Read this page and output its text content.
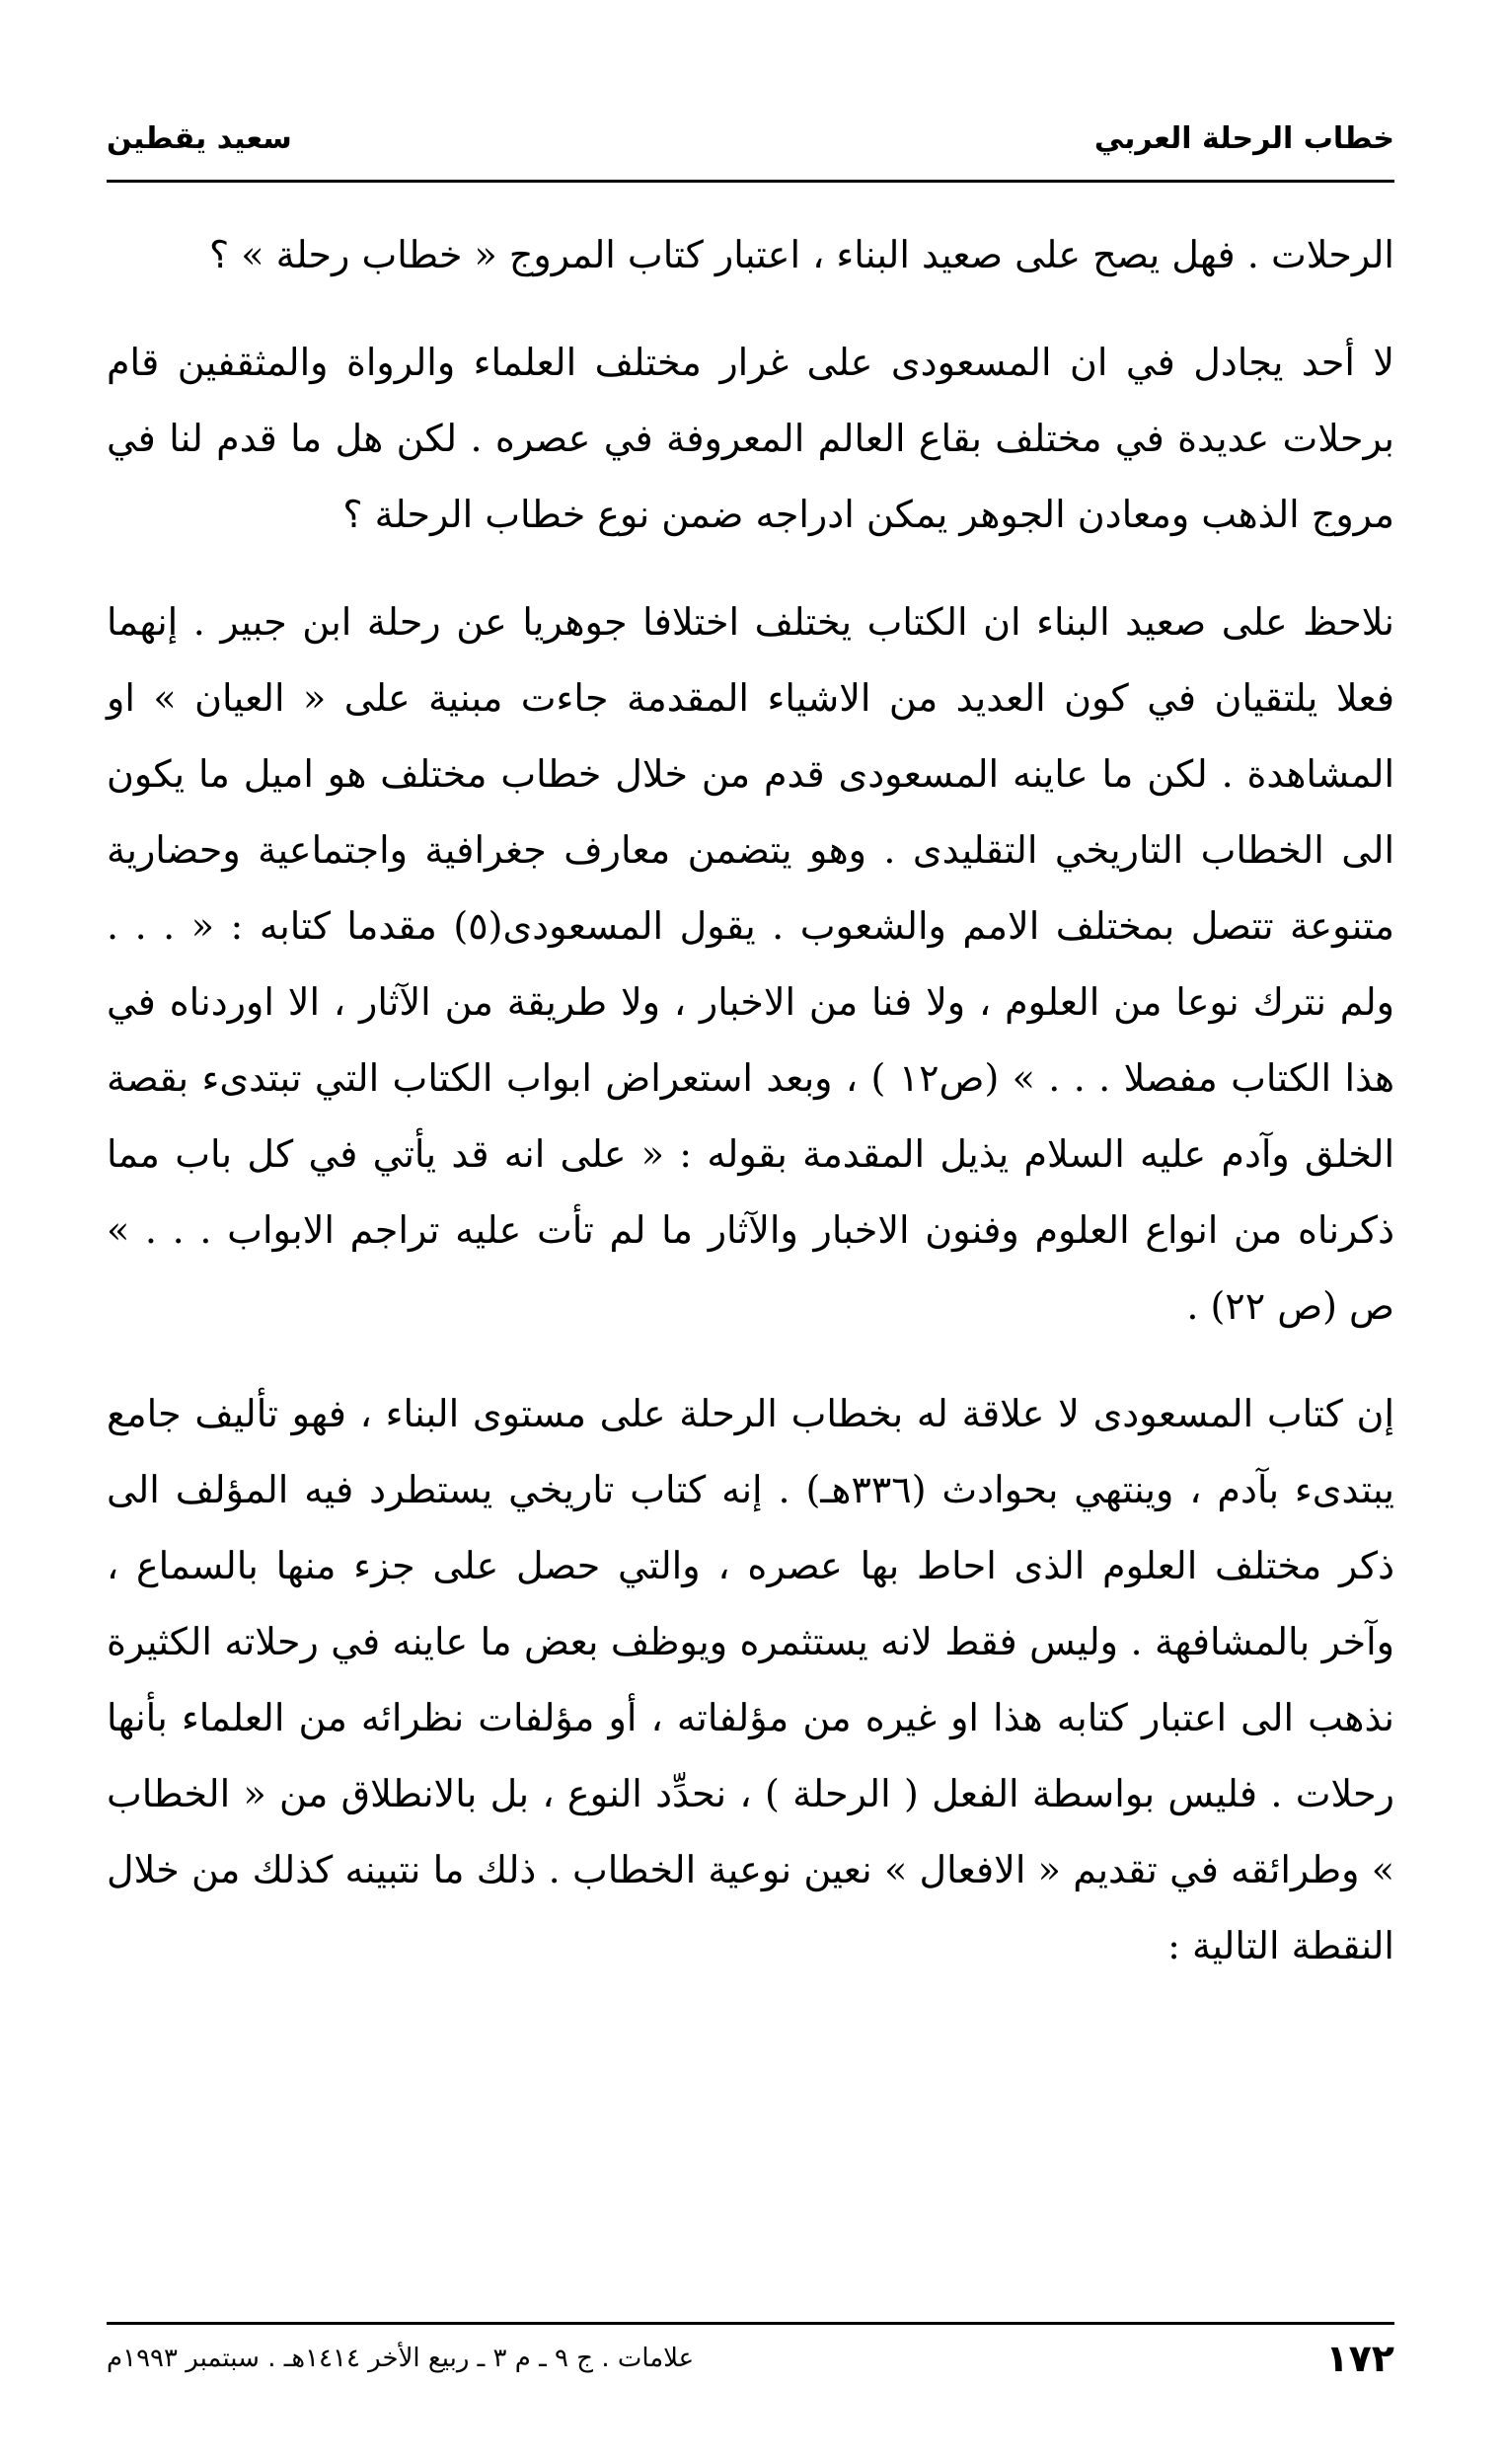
خطاب الرحلة العربي
سعيد يقطين

الرحلات . فهل يصح على صعيد البناء ، اعتبار كتاب المروج « خطاب رحلة » ؟

لا أحد يجادل في ان المسعودى على غرار مختلف العلماء والرواة والمثقفين قام برحلات عديدة في مختلف بقاع العالم المعروفة في عصره . لكن هل ما قدم لنا في مروج الذهب ومعادن الجوهر يمكن ادراجه ضمن نوع خطاب الرحلة ؟

نلاحظ على صعيد البناء ان الكتاب يختلف اختلافا جوهريا عن رحلة ابن جبير . إنهما فعلا يلتقيان في كون العديد من الاشياء المقدمة جاءت مبنية على « العيان » او المشاهدة . لكن ما عاينه المسعودى قدم من خلال خطاب مختلف هو اميل ما يكون الى الخطاب التاريخي التقليدى . وهو يتضمن معارف جغرافية واجتماعية وحضارية متنوعة تتصل بمختلف الامم والشعوب . يقول المسعودى(٥) مقدما كتابه : « . . . ولم نترك نوعا من العلوم ، ولا فنا من الاخبار ، ولا طريقة من الآثار ، الا اوردناه في هذا الكتاب مفصلا . . . » (ص١٢ ) ، وبعد استعراض ابواب الكتاب التي تبتدىء بقصة الخلق وآدم عليه السلام يذيل المقدمة بقوله : « على انه قد يأتي في كل باب مما ذكرناه من انواع العلوم وفنون الاخبار والآثار ما لم تأت عليه تراجم الابواب . . . » ص (ص ٢٢) .

إن كتاب المسعودى لا علاقة له بخطاب الرحلة على مستوى البناء ، فهو تأليف جامع يبتدىء بآدم ، وينتهي بحوادث (٣٣٦هـ) . إنه كتاب تاريخي يستطرد فيه المؤلف الى ذكر مختلف العلوم الذى احاط بها عصره ، والتي حصل على جزء منها بالسماع ، وآخر بالمشافهة . وليس فقط لانه يستثمره ويوظف بعض ما عاينه في رحلاته الكثيرة نذهب الى اعتبار كتابه هذا او غيره من مؤلفاته ، أو مؤلفات نظرائه من العلماء بأنها رحلات . فليس بواسطة الفعل ( الرحلة ) ، نحدِّد النوع ، بل بالانطلاق من « الخطاب » وطرائقه في تقديم « الافعال » نعين نوعية الخطاب . ذلك ما نتبينه كذلك من خلال النقطة التالية :

١٧٢
علامات . ج ٩ ـ م ٣ ـ ربيع الأخر ١٤١٤هـ . سبتمبر ١٩٩٣م
